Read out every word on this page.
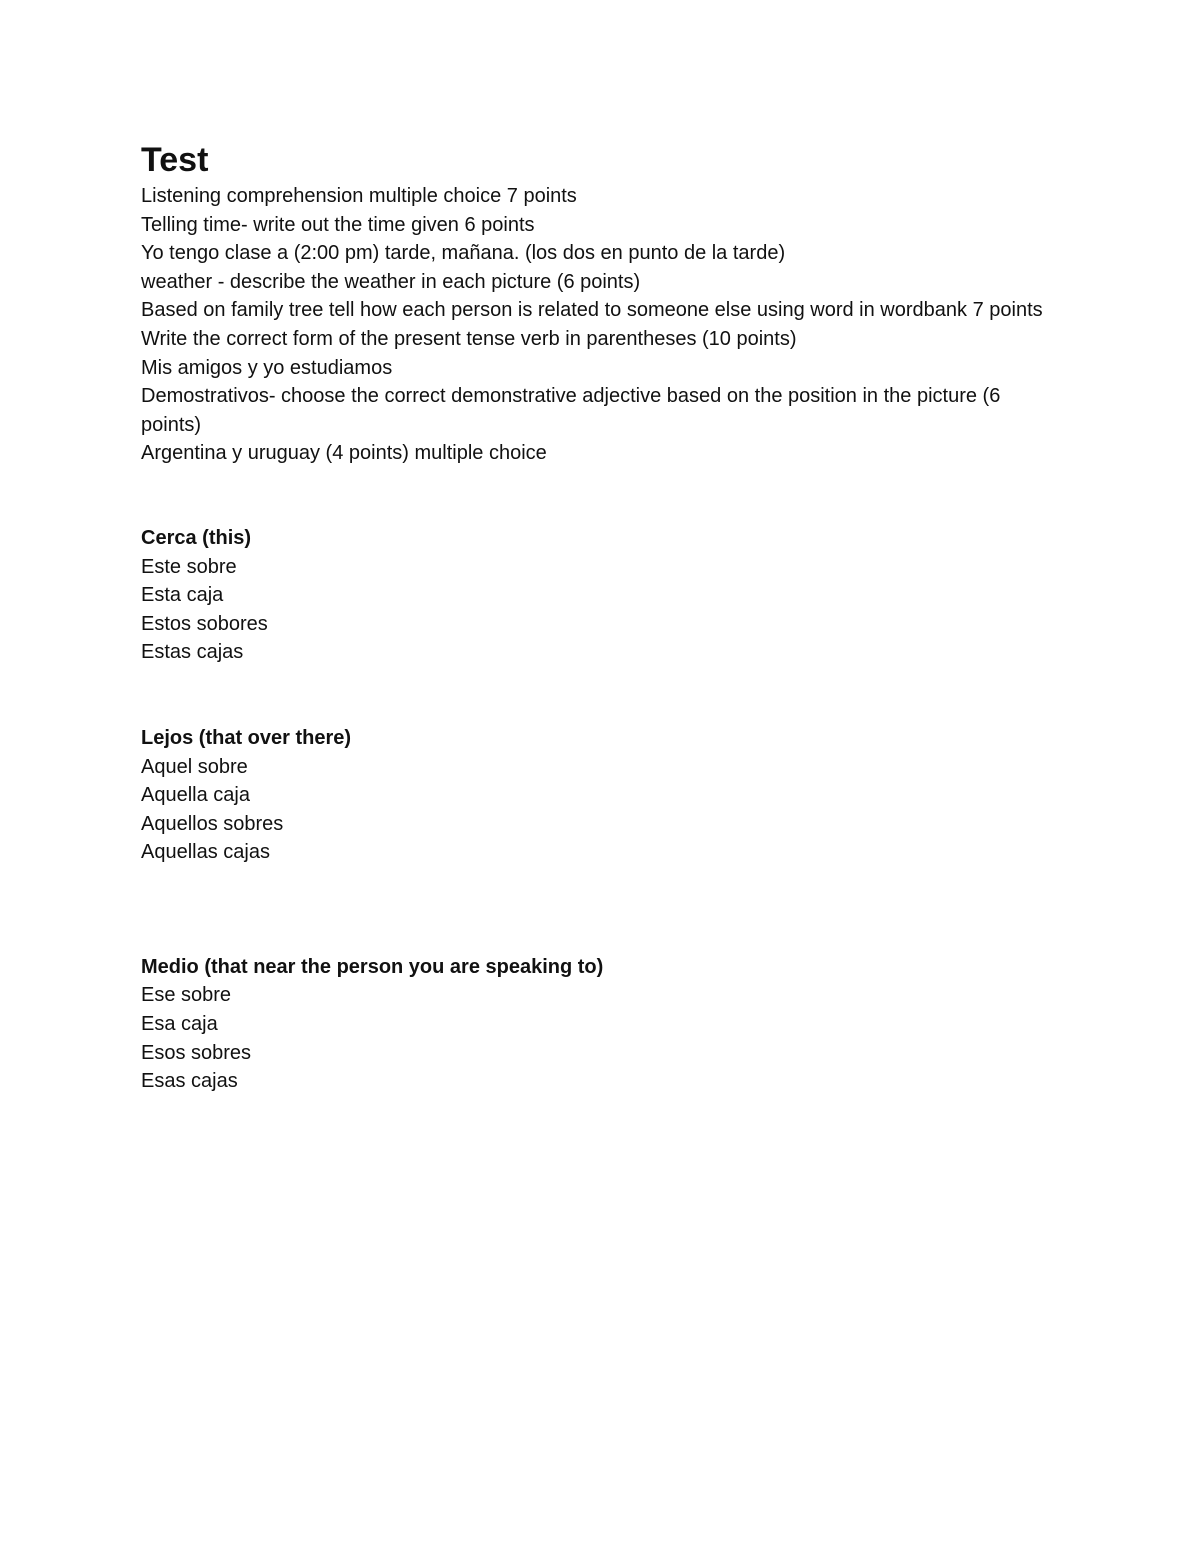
Test

Listening comprehension multiple choice 7 points

Telling time- write out the time given 6 points

Yo tengo clase a (2:00 pm) tarde, mañana. (los dos en punto de la tarde)

weather - describe the weather in each picture (6 points)

Based on family tree tell how each person is related to someone else using word in wordbank 7 points

Write the correct form of the present tense verb in parentheses (10 points)

Mis amigos y yo estudiamos

Demostrativos- choose the correct demonstrative adjective based on the position in the picture (6 points)

Argentina y uruguay (4 points) multiple choice

Cerca (this)

Este sobre

Esta caja

Estos sobores

Estas cajas

Lejos (that over there)

Aquel sobre

Aquella caja

Aquellos sobres

Aquellas cajas

Medio (that near the person you are speaking to)

Ese sobre

Esa caja

Esos sobres

Esas cajas
